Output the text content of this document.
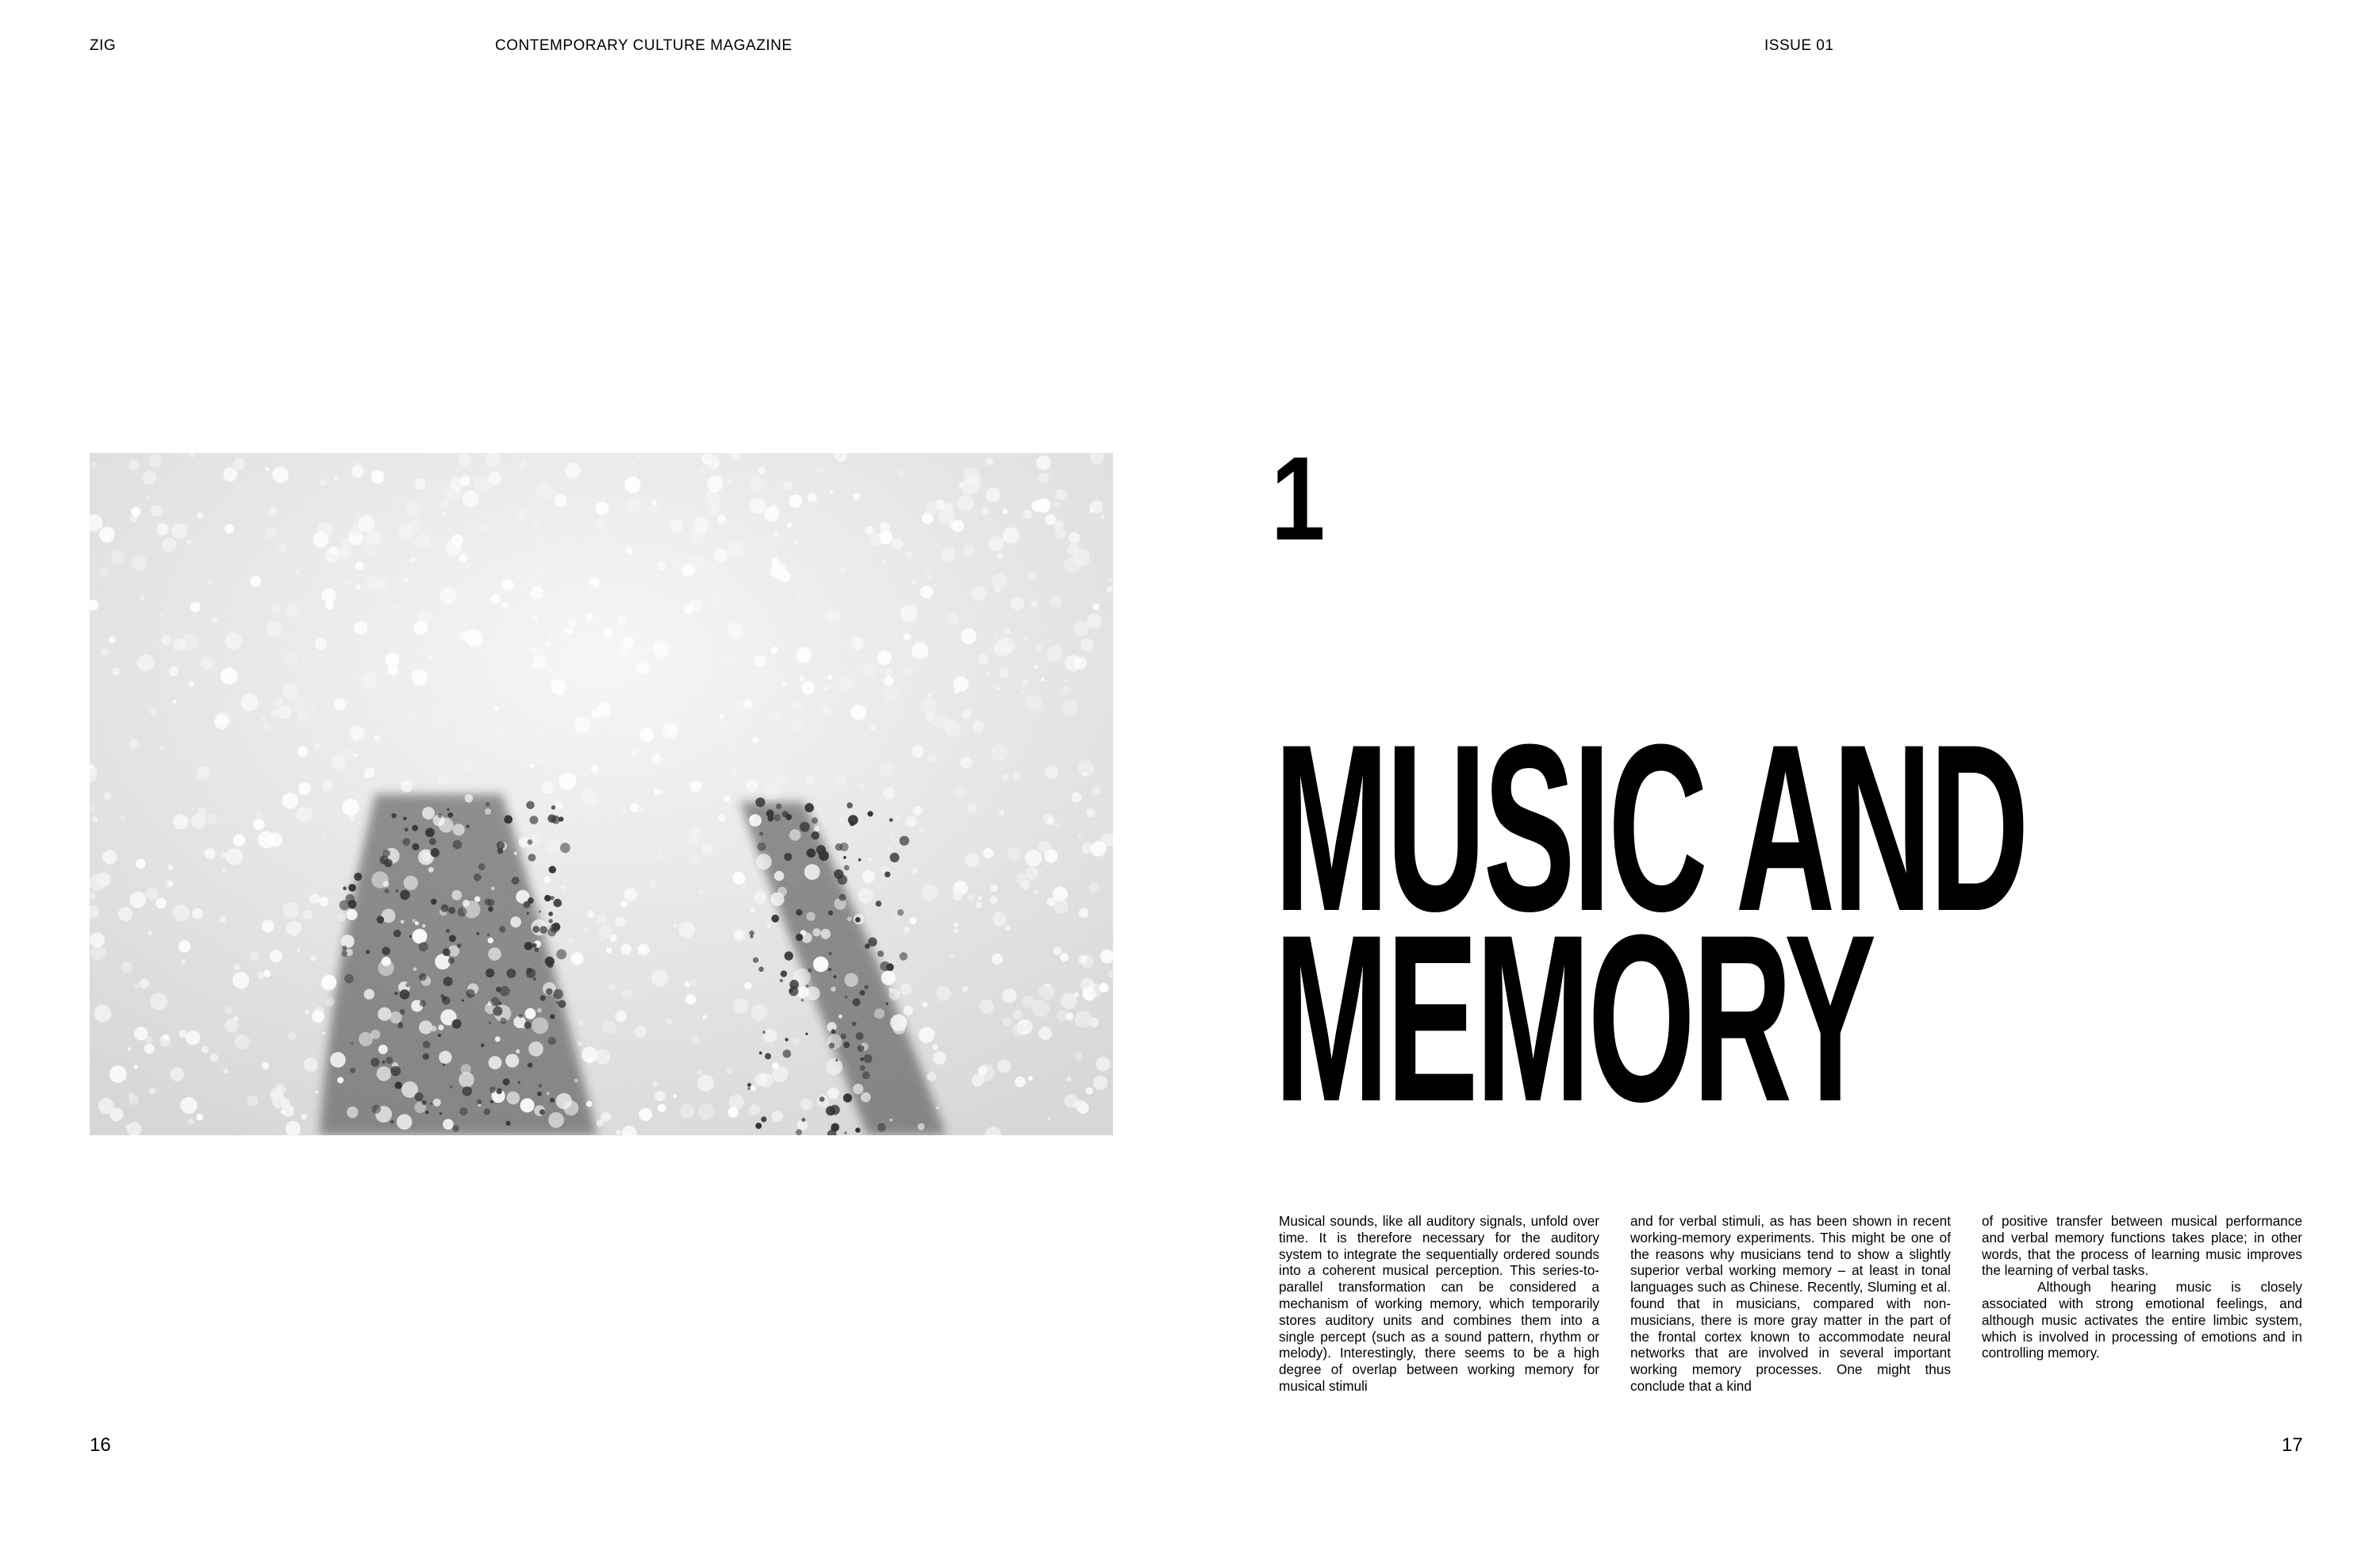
ZIG	CONTEMPORARY CULTURE MAGAZINE	ISSUE 01
1
MUSIC AND
MEMORY

Musical sounds, like all auditory signals, unfold over time. It is therefore necessary for the auditory system to integrate the sequentially ordered sounds into a coherent musical perception. This series-to-parallel transformation can be considered a mechanism of working memory, which temporarily stores auditory units and combines them into a single percept (such as a sound pattern, rhythm or melody). Interestingly, there seems to be a high degree of overlap between working memory for musical stimuli

and for verbal stimuli, as has been shown in recent working-memory experiments. This might be one of the reasons why musicians tend to show a slightly superior verbal working memory – at least in tonal languages such as Chinese. Recently, Sluming et al. found that in musicians, compared with non-musicians, there is more gray matter in the part of the frontal cortex known to accommodate neural networks that are involved in several important working memory processes. One might thus conclude that a kind

of positive transfer between musical performance and verbal memory functions takes place; in other words, that the process of learning music improves the learning of verbal tasks.

Although hearing music is closely associated with strong emotional feelings, and although music activates the entire limbic system, which is involved in processing of emotions and in controlling memory.

16	17
